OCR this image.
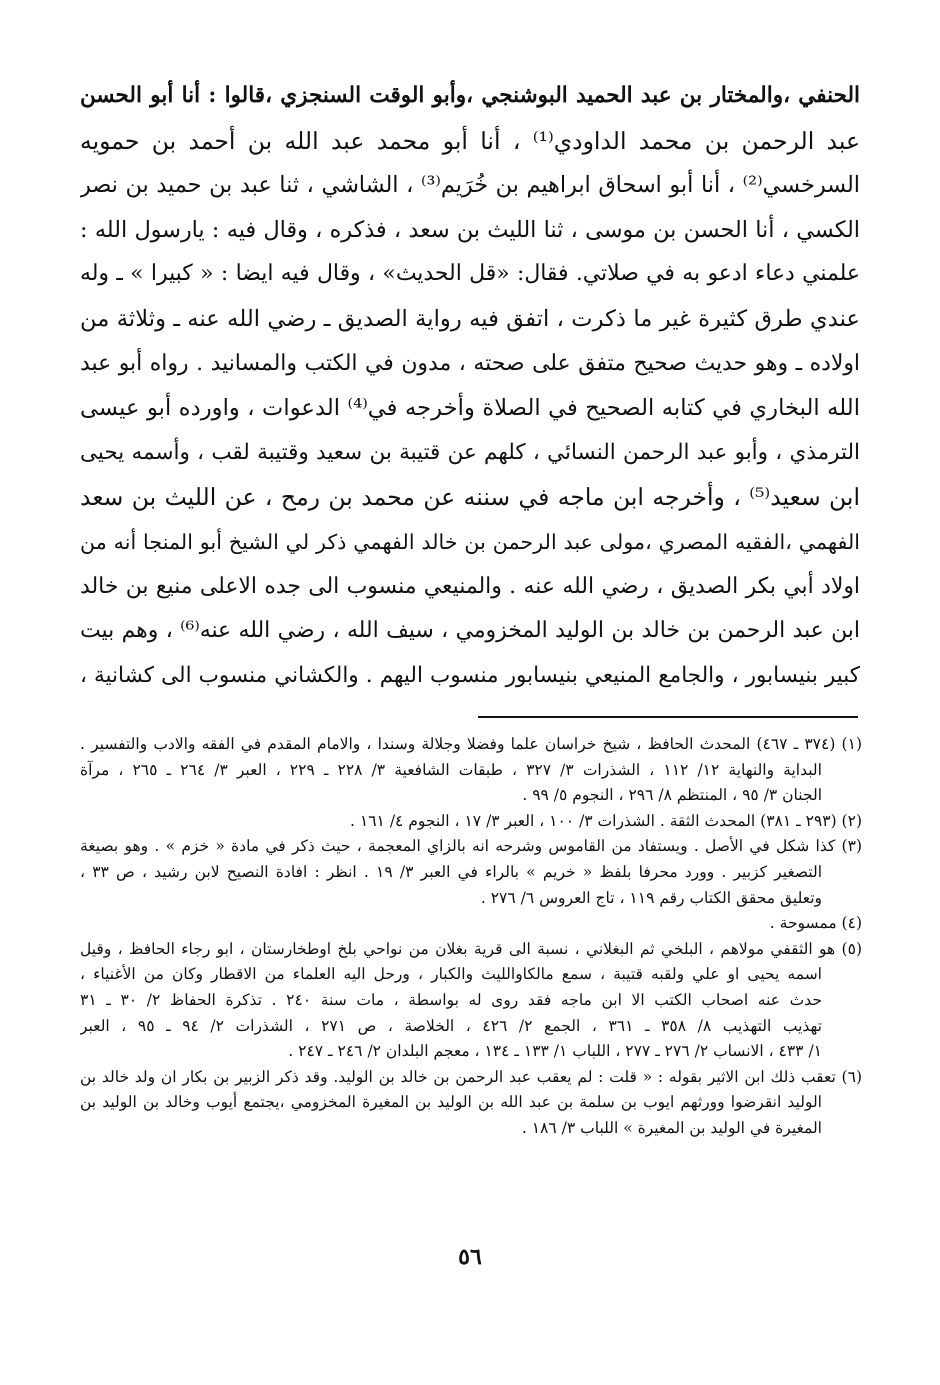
الحنفي ،والمختار بن عبد الحميد البوشنجي ،وأبو الوقت السنجزي ،قالوا : أنا أبو الحسن
عبد الرحمن بن محمد الداودي⁽¹⁾ ، أنا أبو محمد عبد الله بن أحمد بن حمويه
السرخسي⁽²⁾ ، أنا أبو اسحاق ابراهيم بن خُرَيم⁽³⁾ ، الشاشي ، ثنا عبد بن حميد بن نصر
الكسي ، أنا الحسن بن موسى ، ثنا الليث بن سعد ، فذكره ، وقال فيه : يارسول الله :
علمني دعاء ادعو به في صلاتي. فقال: «قل الحديث» ، وقال فيه ايضا : « كبيرا » ـ وله
عندي طرق كثيرة غير ما ذكرت ، اتفق فيه رواية الصديق ـ رضي الله عنه ـ وثلاثة من
اولاده ـ وهو حديث صحيح متفق على صحته ، مدون في الكتب والمسانيد . رواه أبو عبد
الله البخاري في كتابه الصحيح في الصلاة وأخرجه في⁽⁴⁾ الدعوات ، واورده أبو عيسى
الترمذي ، وأبو عبد الرحمن النسائي ، كلهم عن قتيبة بن سعيد وقتيبة لقب ، وأسمه يحيى
ابن سعيد⁽⁵⁾ ، وأخرجه ابن ماجه في سننه عن محمد بن رمح ، عن الليث بن سعد
الفهمي ،الفقيه المصري ،مولى عبد الرحمن بن خالد الفهمي ذكر لي الشيخ أبو المنجا أنه من
اولاد أبي بكر الصديق ، رضي الله عنه . والمنيعي منسوب الى جده الاعلى منيع بن خالد
ابن عبد الرحمن بن خالد بن الوليد المخزومي ، سيف الله ، رضي الله عنه⁽⁶⁾ ، وهم بيت
كبير بنيسابور ، والجامع المنيعي بنيسابور منسوب اليهم . والكشاني منسوب الى كشانية ،
(١) (٣٧٤ ـ ٤٦٧) المحدث الحافظ ، شيخ خراسان علما وفضلا وجلالة وسندا ، والامام المقدم في الفقه والادب والتفسير .
البداية والنهاية ١٢/ ١١٢ ، الشذرات ٣/ ٣٢٧ ، طبقات الشافعية ٣/ ٢٢٨ ـ ٢٢٩ ، العبر ٣/ ٢٦٤ ـ ٢٦٥ ، مرآة
الجنان ٣/ ٩٥ ، المنتظم ٨/ ٢٩٦ ، النجوم ٥/ ٩٩ .
(٢) (٢٩٣ ـ ٣٨١) المحدث الثقة . الشذرات ٣/ ١٠٠ ، العبر ٣/ ١٧ ، النجوم ٤/ ١٦١ .
(٣) كذا شكل في الأصل . ويستفاد من القاموس وشرحه انه بالزاي المعجمة ، حيث ذكر في مادة « خزم » . وهو بصيغة
التصغير كزبير . وورد محرفا بلفظ « خريم » بالراء في العبر ٣/ ١٩ . انظر : افادة النصيح لابن رشيد ، ص ٣٣ ،
وتعليق محقق الكتاب رقم ١١٩ ، تاج العروس ٦/ ٢٧٦ .
(٤) ممسوحة .
(٥) هو الثقفي مولاهم ، البلخي ثم البغلاني ، نسبة الى قرية بغلان من نواحي بلخ اوطخارستان ، ابو رجاء الحافظ ، وقيل
اسمه يحيى او علي ولقبه قتيبة ، سمع مالكاوالليث والكبار ، ورحل اليه العلماء من الاقطار وكان من الأغنياء ،
حدث عنه اصحاب الكتب الا ابن ماجه فقد روى له بواسطة ، مات سنة ٢٤٠ . تذكرة الحفاظ ٢/ ٣٠ ـ ٣١
تهذيب التهذيب ٨/ ٣٥٨ ـ ٣٦١ ، الجمع ٢/ ٤٢٦ ، الخلاصة ، ص ٢٧١ ، الشذرات ٢/ ٩٤ ـ ٩٥ ، العبر
١/ ٤٣٣ ، الانساب ٢/ ٢٧٦ ـ ٢٧٧ ، اللباب ١/ ١٣٣ ـ ١٣٤ ، معجم البلدان ٢/ ٢٤٦ ـ ٢٤٧ .
(٦) تعقب ذلك ابن الاثير بقوله : « قلت : لم يعقب عبد الرحمن بن خالد بن الوليد. وقد ذكر الزبير بن بكار ان ولد خالد بن
الوليد انقرضوا وورثهم ايوب بن سلمة بن عبد الله بن الوليد بن المغيرة المخزومي ،يجتمع أيوب وخالد بن الوليد بن
المغيرة في الوليد بن المغيرة » اللباب ٣/ ١٨٦ .
٥٦
